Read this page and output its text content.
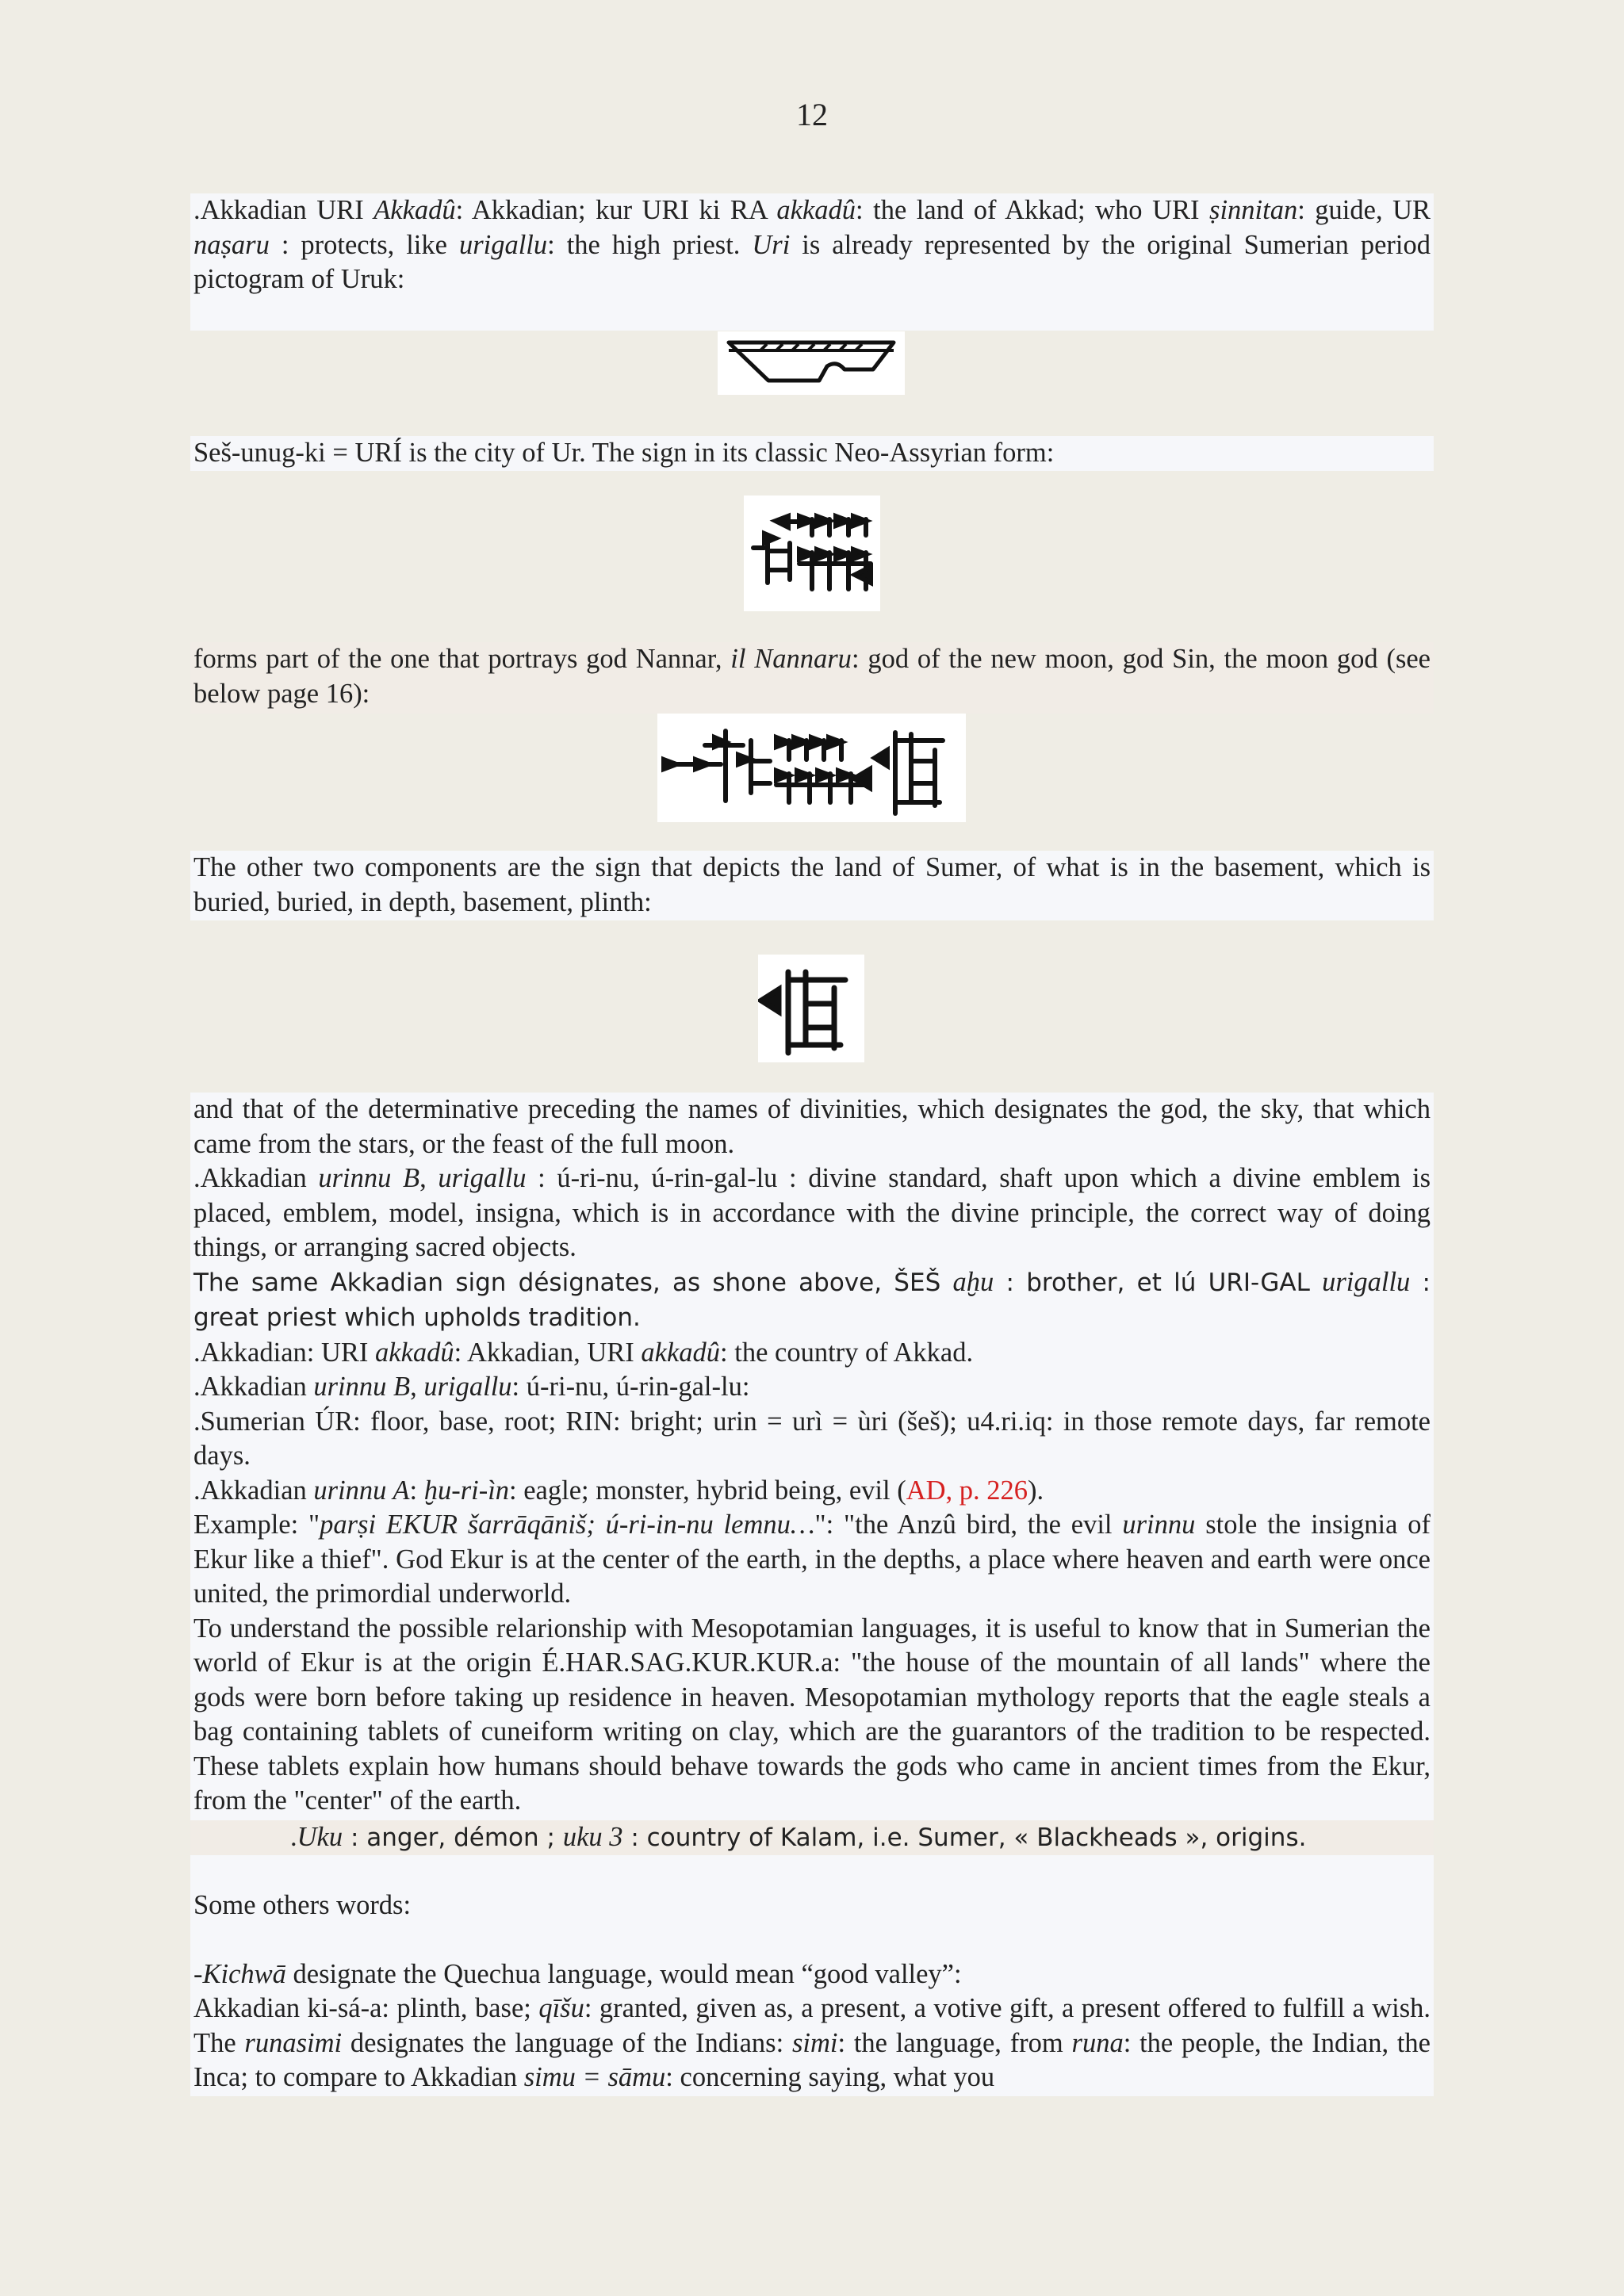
12

.Akkadian URI Akkadû: Akkadian; kur URI ki RA akkadû: the land of Akkad; who URI ṣinnitan: guide, UR naṣaru : protects, like urigallu: the high priest. Uri is already represented by the original Sumerian period pictogram of Uruk:

Seš-unug-ki = URÍ is the city of Ur. The sign in its classic Neo-Assyrian form:

forms part of the one that portrays god Nannar, il Nannaru: god of the new moon, god Sin, the moon god (see below page 16):

The other two components are the sign that depicts the land of Sumer, of what is in the basement, which is buried, buried, in depth, basement, plinth:

and that of the determinative preceding the names of divinities, which designates the god, the sky, that which came from the stars, or the feast of the full moon.

.Akkadian urinnu B, urigallu : ú-ri-nu, ú-rin-gal-lu : divine standard, shaft upon which a divine emblem is placed, emblem, model, insigna, which is in accordance with the divine principle, the correct way of doing things, or arranging sacred objects.

The same Akkadian sign désignates, as shone above, ŠEŠ aḫu : brother, et lú URI-GAL urigallu : great priest which upholds tradition.

.Akkadian: URI akkadû: Akkadian, URI akkadû: the country of Akkad.

.Akkadian urinnu B, urigallu: ú-ri-nu, ú-rin-gal-lu:

.Sumerian ÚR: floor, base, root; RIN: bright; urin = urì = ùri (šeš); u4.ri.iq: in those remote days, far remote days.

.Akkadian urinnu A: ḫu-ri-ìn: eagle; monster, hybrid being, evil (AD, p. 226).

Example: "parṣi EKUR šarrāqāniš; ú-ri-in-nu lemnu…": "the Anzû bird, the evil urinnu stole the insignia of Ekur like a thief". God Ekur is at the center of the earth, in the depths, a place where heaven and earth were once united, the primordial underworld.

To understand the possible relarionship with Mesopotamian languages, it is useful to know that in Sumerian the world of Ekur is at the origin É.HAR.SAG.KUR.KUR.a: "the house of the mountain of all lands" where the gods were born before taking up residence in heaven. Mesopotamian mythology reports that the eagle steals a bag containing tablets of cuneiform writing on clay, which are the guarantors of the tradition to be respected. These tablets explain how humans should behave towards the gods who came in ancient times from the Ekur, from the "center" of the earth.

.Uku : anger, démon ; uku 3 : country of Kalam, i.e. Sumer, « Blackheads », origins.

Some others words:

-Kichwā designate the Quechua language, would mean “good valley”:

Akkadian ki-sá-a: plinth, base; qīšu: granted, given as, a present, a votive gift, a present offered to fulfill a wish. The runasimi designates the language of the Indians: simi: the language, from runa: the people, the Indian, the Inca; to compare to Akkadian simu = sāmu: concerning saying, what you
